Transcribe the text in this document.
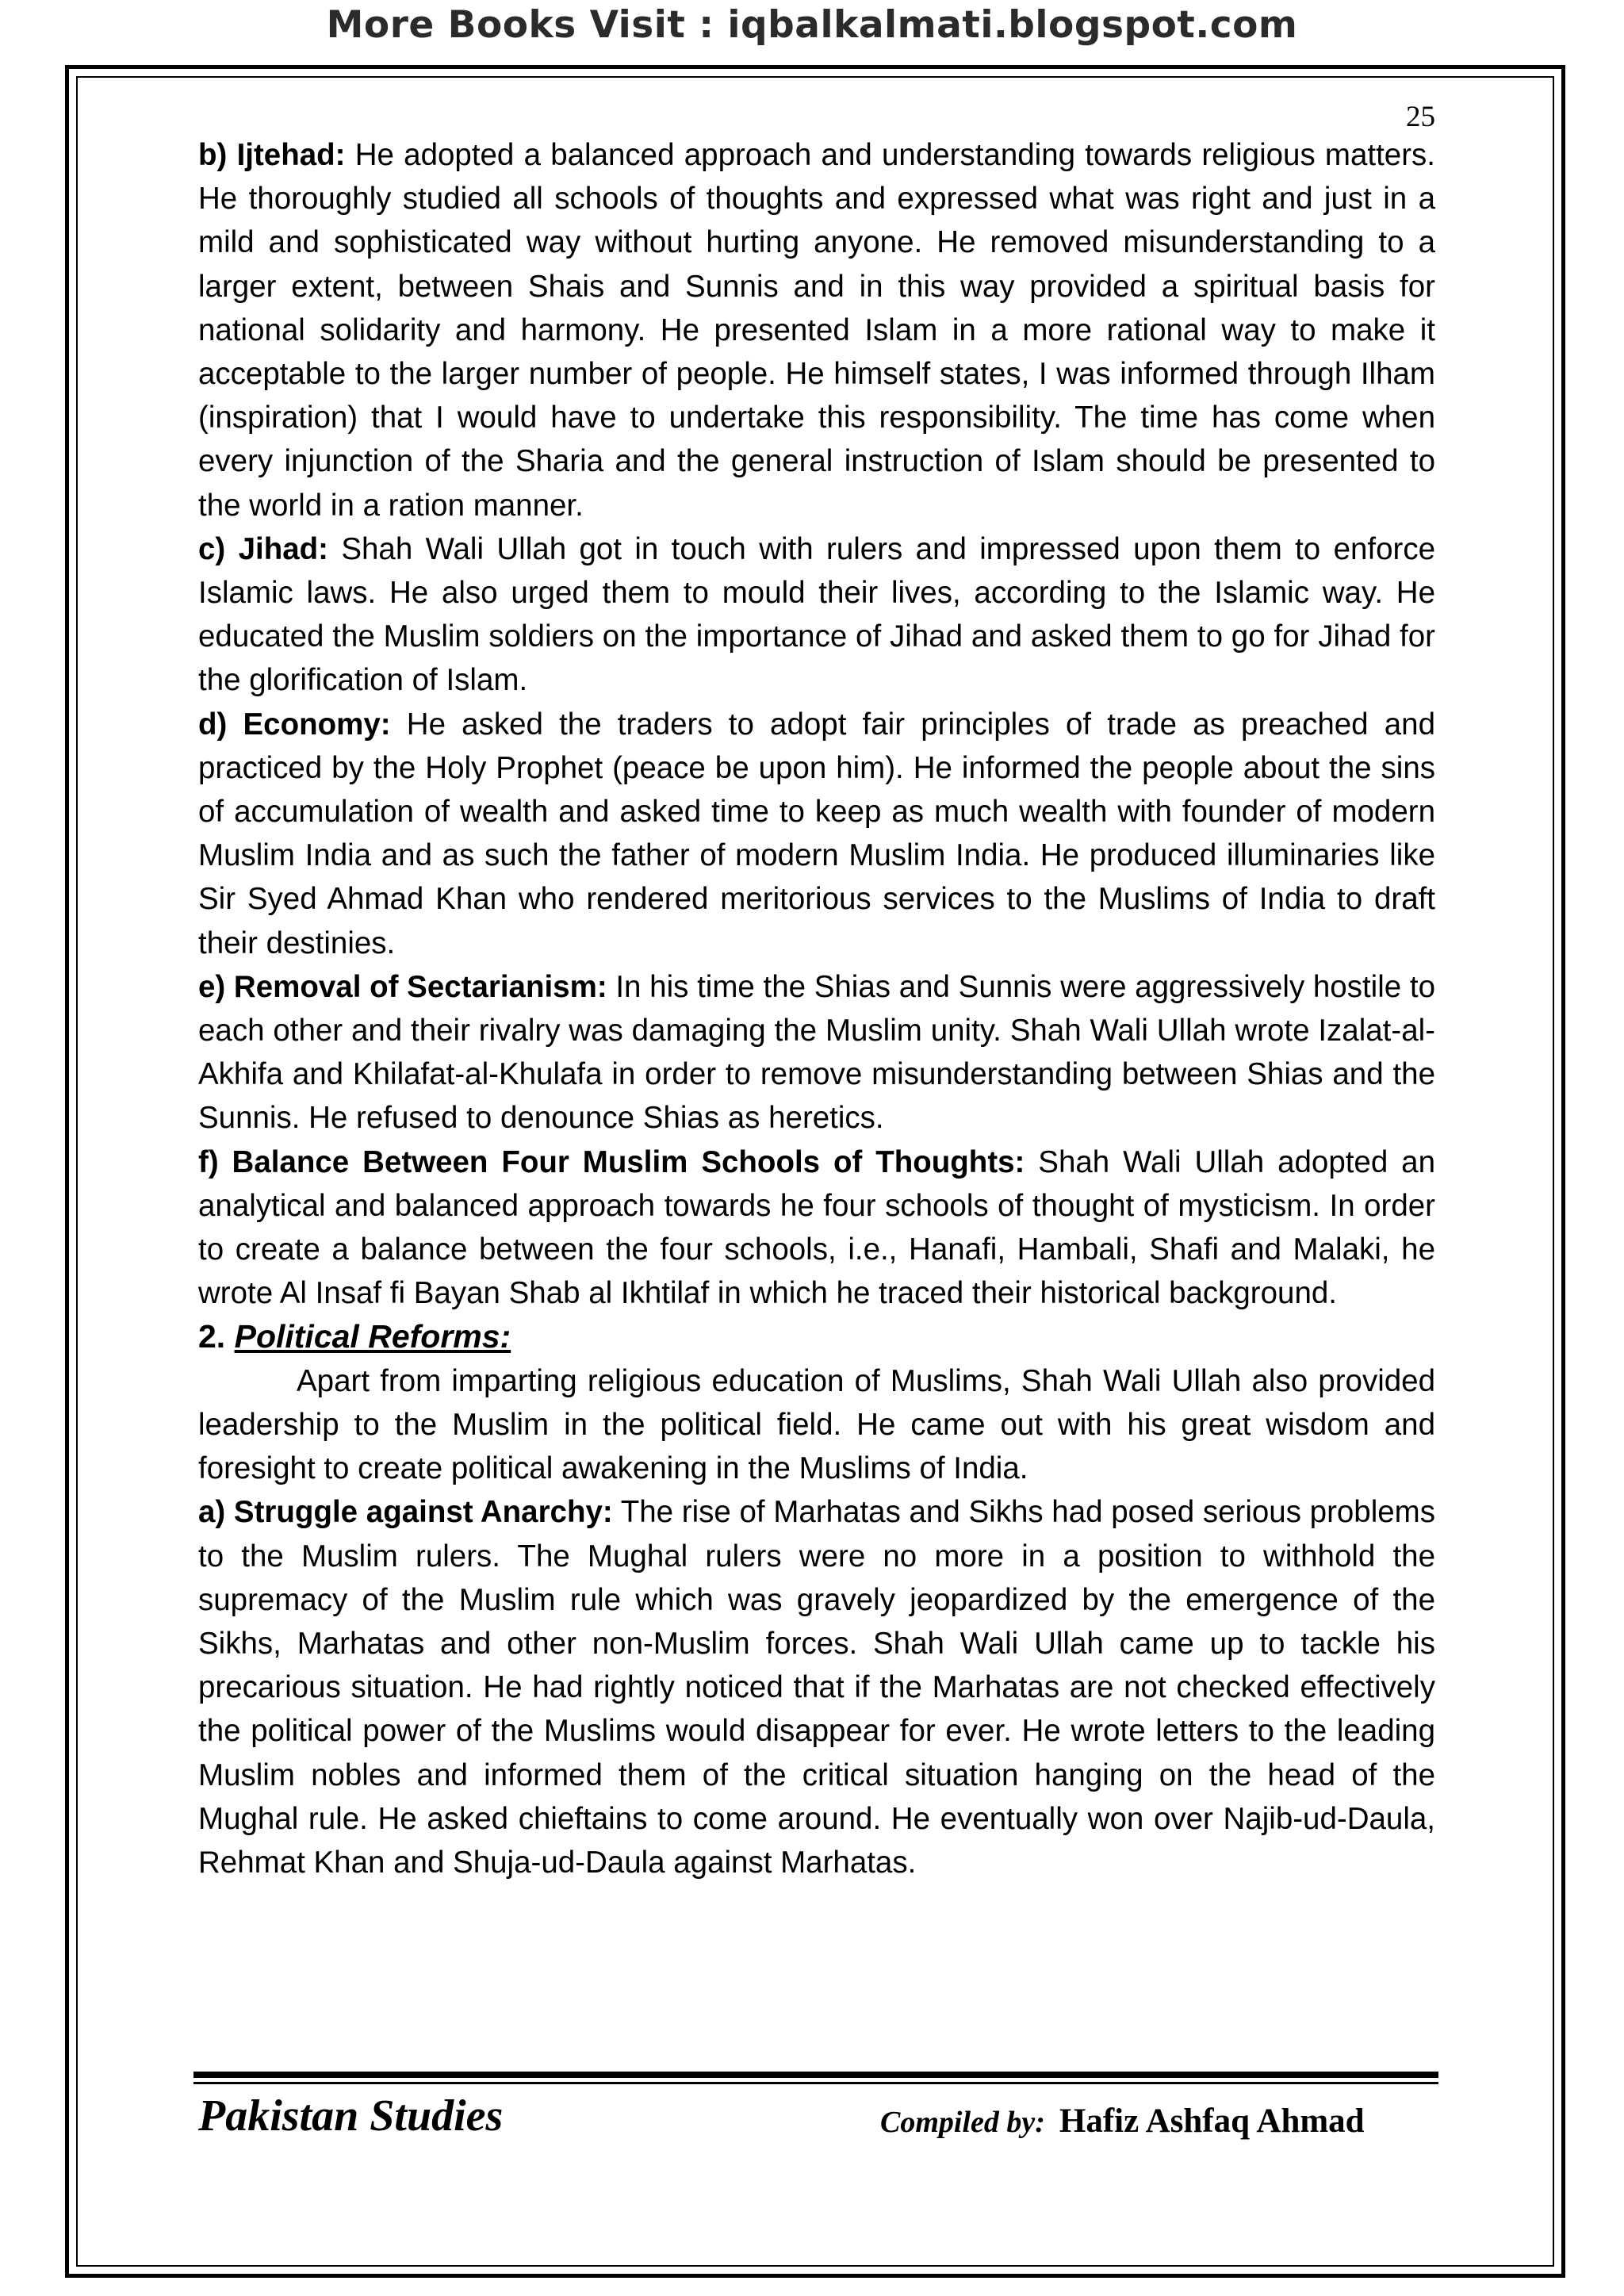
More Books Visit : iqbalkalmati.blogspot.com
25

b) Ijtehad: He adopted a balanced approach and understanding towards religious matters. He thoroughly studied all schools of thoughts and expressed what was right and just in a mild and sophisticated way without hurting anyone. He removed misunderstanding to a larger extent, between Shais and Sunnis and in this way provided a spiritual basis for national solidarity and harmony. He presented Islam in a more rational way to make it acceptable to the larger number of people. He himself states, I was informed through Ilham (inspiration) that I would have to undertake this responsibility. The time has come when every injunction of the Sharia and the general instruction of Islam should be presented to the world in a ration manner.

c) Jihad: Shah Wali Ullah got in touch with rulers and impressed upon them to enforce Islamic laws. He also urged them to mould their lives, according to the Islamic way. He educated the Muslim soldiers on the importance of Jihad and asked them to go for Jihad for the glorification of Islam.

d) Economy: He asked the traders to adopt fair principles of trade as preached and practiced by the Holy Prophet (peace be upon him). He informed the people about the sins of accumulation of wealth and asked time to keep as much wealth with founder of modern Muslim India and as such the father of modern Muslim India. He produced illuminaries like Sir Syed Ahmad Khan who rendered meritorious services to the Muslims of India to draft their destinies.

e) Removal of Sectarianism: In his time the Shias and Sunnis were aggressively hostile to each other and their rivalry was damaging the Muslim unity. Shah Wali Ullah wrote Izalat-al-Akhifa and Khilafat-al-Khulafa in order to remove misunderstanding between Shias and the Sunnis. He refused to denounce Shias as heretics.

f) Balance Between Four Muslim Schools of Thoughts: Shah Wali Ullah adopted an analytical and balanced approach towards he four schools of thought of mysticism. In order to create a balance between the four schools, i.e., Hanafi, Hambali, Shafi and Malaki, he wrote Al Insaf fi Bayan Shab al Ikhtilaf in which he traced their historical background.

2. Political Reforms:

Apart from imparting religious education of Muslims, Shah Wali Ullah also provided leadership to the Muslim in the political field. He came out with his great wisdom and foresight to create political awakening in the Muslims of India.

a) Struggle against Anarchy: The rise of Marhatas and Sikhs had posed serious problems to the Muslim rulers. The Mughal rulers were no more in a position to withhold the supremacy of the Muslim rule which was gravely jeopardized by the emergence of the Sikhs, Marhatas and other non-Muslim forces. Shah Wali Ullah came up to tackle his precarious situation. He had rightly noticed that if the Marhatas are not checked effectively the political power of the Muslims would disappear for ever. He wrote letters to the leading Muslim nobles and informed them of the critical situation hanging on the head of the Mughal rule. He asked chieftains to come around. He eventually won over Najib-ud-Daula, Rehmat Khan and Shuja-ud-Daula against Marhatas.

Pakistan Studies	Compiled by: Hafiz Ashfaq Ahmad
